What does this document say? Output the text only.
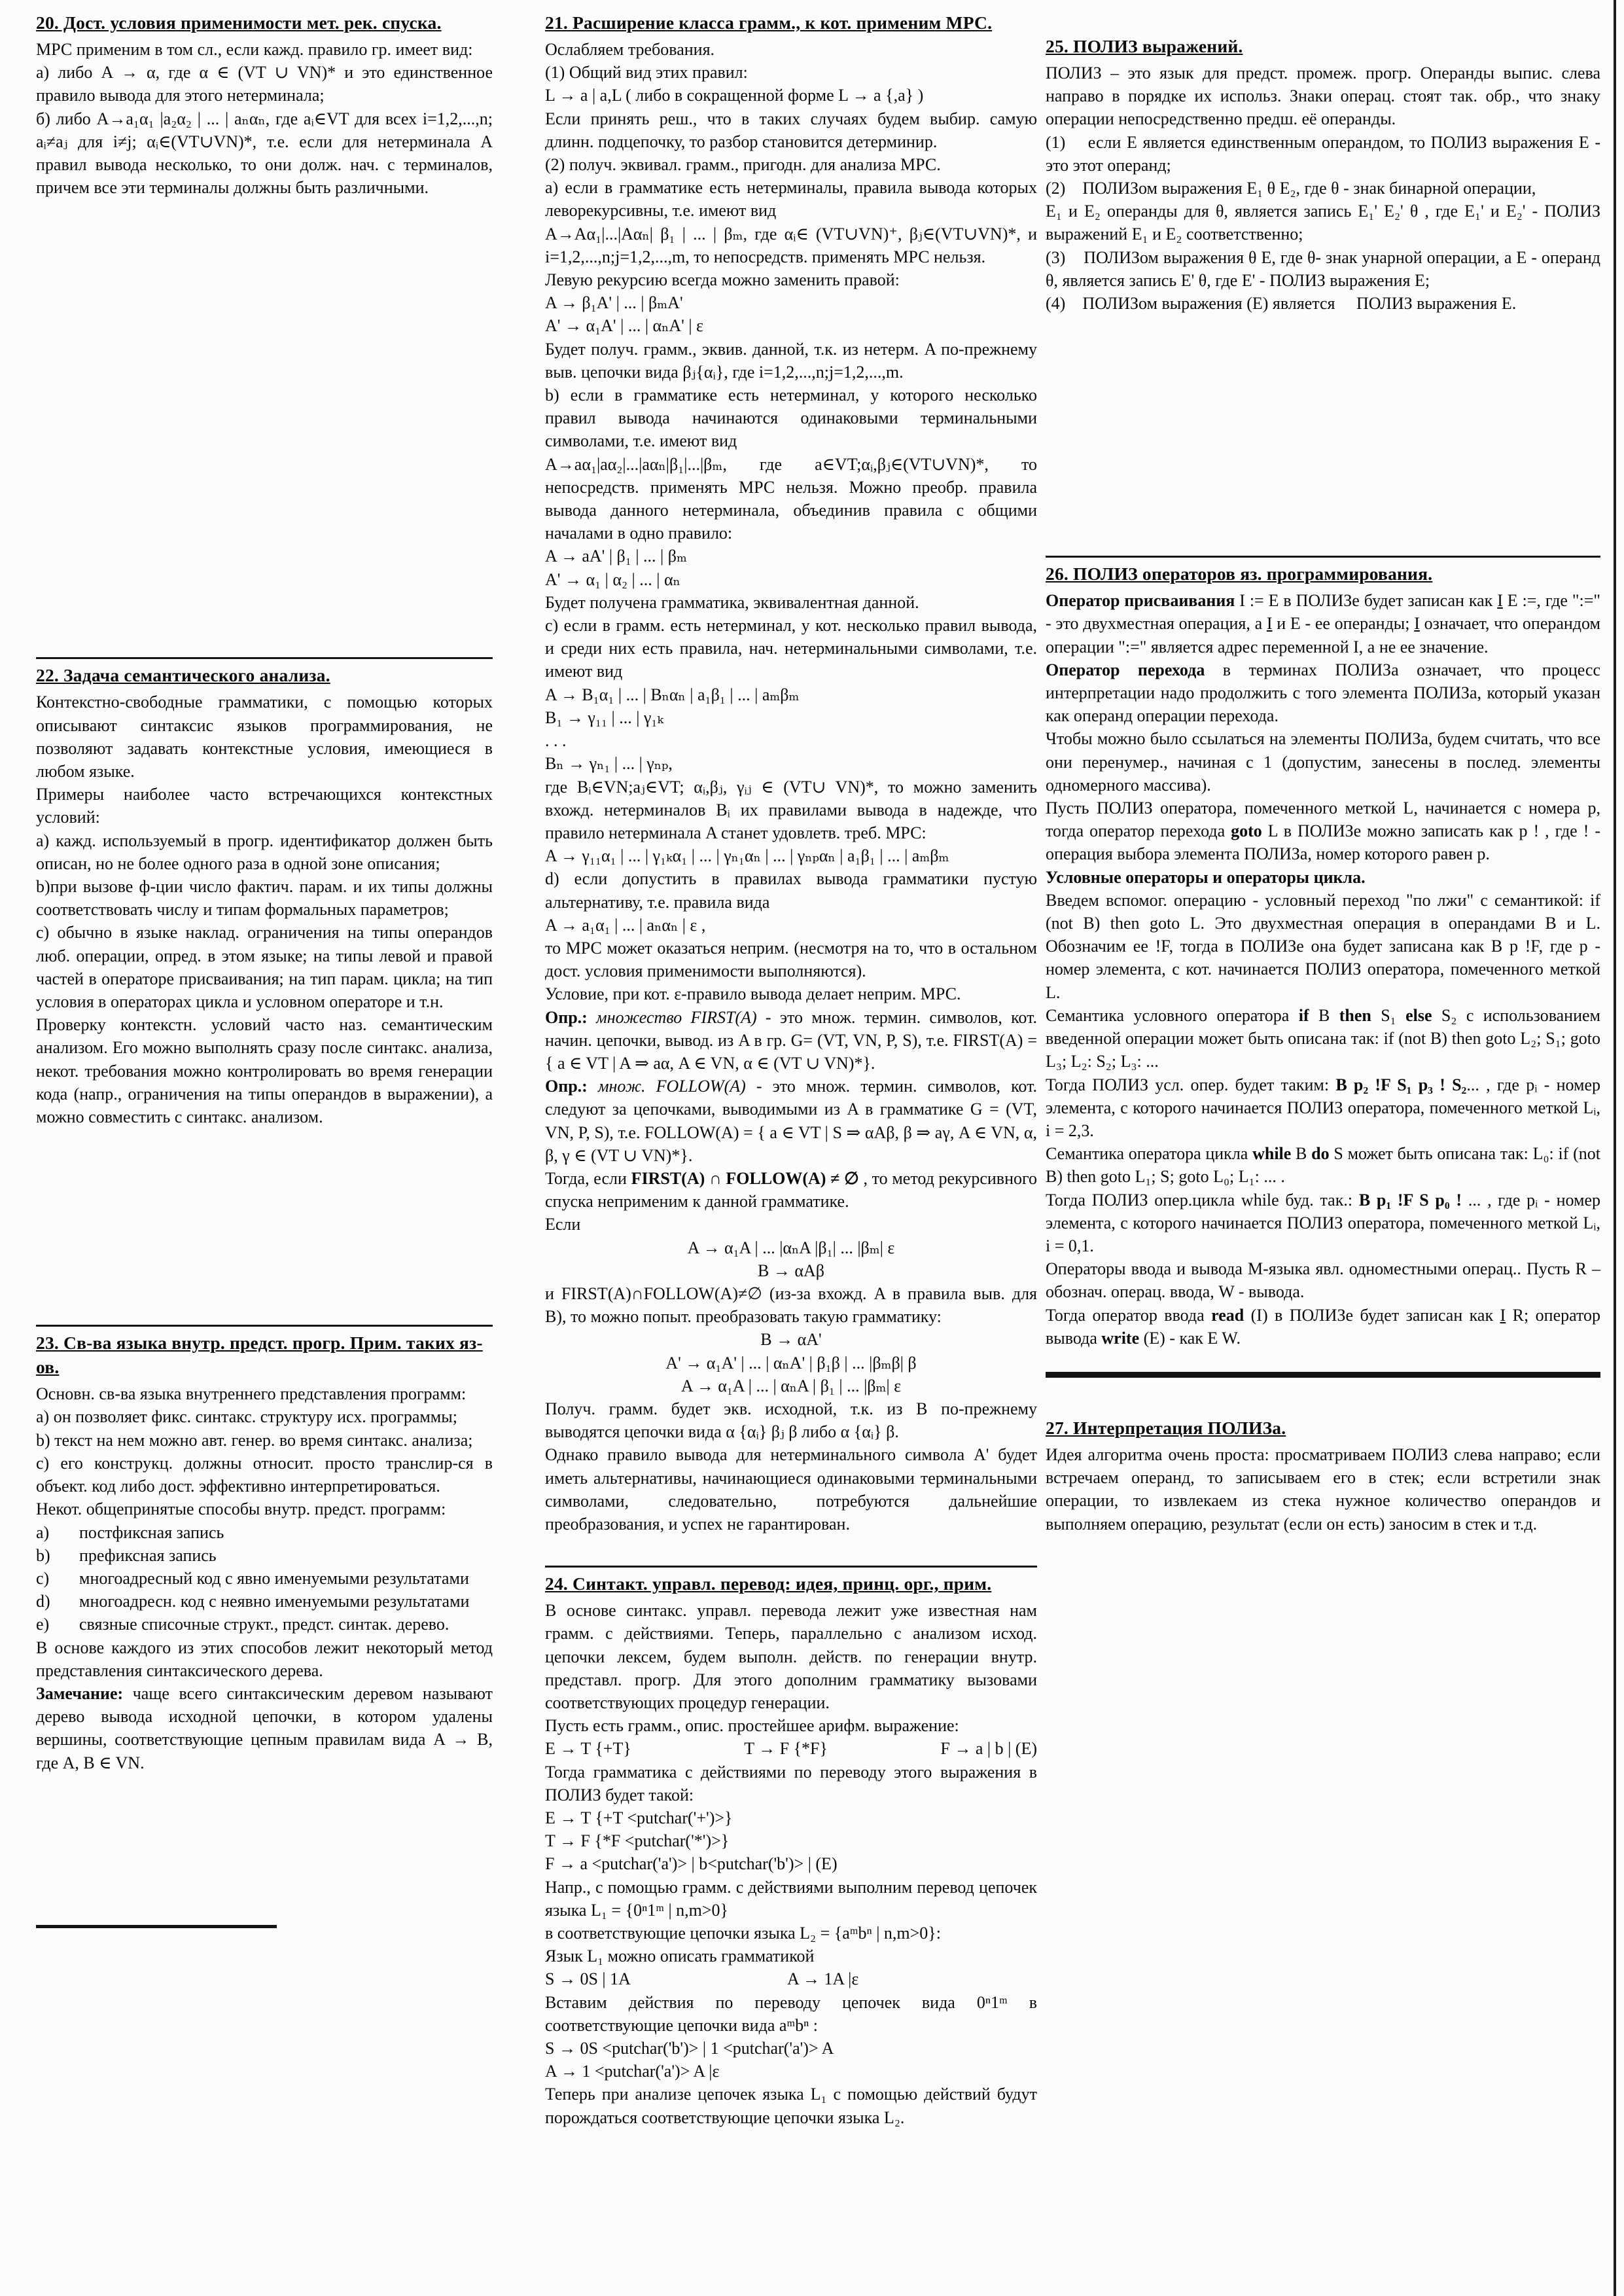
20. Дост. условия применимости мет. рек. спуска.

МРС применим в том сл., если кажд. правило гр. имеет вид:

а) либо A → α, где α ∈ (VT ∪ VN)* и это единственное правило вывода для этого нетерминала;

б) либо A→a₁α₁ |a₂α₂ | ... | aₙαₙ, где aᵢ∈VT для всех i=1,2,...,n; aᵢ≠aⱼ для i≠j; αᵢ∈(VT∪VN)*, т.е. если для нетерминала A правил вывода несколько, то они долж. нач. с терминалов, причем все эти терминалы должны быть различными.

22. Задача семантического анализа.

Контекстно-свободные грамматики, с помощью которых описывают синтаксис языков программирования, не позволяют задавать контекстные условия, имеющиеся в любом языке.

Примеры наиболее часто встречающихся контекстных условий:

а) кажд. используемый в прогр. идентификатор должен быть описан, но не более одного раза в одной зоне описания;

b)при вызове ф-ции число фактич. парам. и их типы должны соответствовать числу и типам формальных параметров;

с) обычно в языке наклад. ограничения на типы операндов люб. операции, опред. в этом языке; на типы левой и правой частей в операторе присваивания; на тип парам. цикла; на тип условия в операторах цикла и условном операторе и т.н.

Проверку контекстн. условий часто наз. семантическим анализом. Его можно выполнять сразу после синтакс. анализа, некот. требования можно контролировать во время генерации кода (напр., ограничения на типы операндов в выражении), а можно совместить с синтакс. анализом.

23. Св-ва языка внутр. предст. прогр. Прим. таких яз-ов.

Основн. св-ва языка внутреннего представления программ:

а) он позволяет фикс. синтакс. структуру исх. программы;

b) текст на нем можно авт. генер. во время синтакс. анализа;

c) его конструкц. должны относит. просто транслир-ся в объект. код либо дост. эффективно интерпретироваться.

Некот. общепринятые способы внутр. предст. программ:

a) постфиксная запись

b) префиксная запись

c) многоадресный код с явно именуемыми результатами

d) многоадресн. код с неявно именуемыми результатами

e) связные списочные структ., предст. синтак. дерево.

В основе каждого из этих способов лежит некоторый метод представления синтаксического дерева.

Замечание: чаще всего синтаксическим деревом называют дерево вывода исходной цепочки, в котором удалены вершины, соответствующие цепным правилам вида A → B, где A, B ∈ VN.

21. Расширение класса грамм., к кот. применим МРС.

Ослабляем требования.

(1) Общий вид этих правил:

L → a | a,L ( либо в сокращенной форме L → a {,a} )

Если принять реш., что в таких случаях будем выбир. самую длинн. подцепочку, то разбор становится детерминир.

(2) получ. эквивал. грамм., пригодн. для анализа МРС.

а) если в грамматике есть нетерминалы, правила вывода которых леворекурсивны, т.е. имеют вид

A→Aα₁|...|Aαₙ| β₁ | ... | βₘ, где αᵢ∈ (VT∪VN)⁺, βⱼ∈(VT∪VN)*, и i=1,2,...,n;j=1,2,...,m, то непосредств. применять МРС нельзя.

Левую рекурсию всегда можно заменить правой:

A → β₁A' | ... | βₘA'

A' → α₁A' | ... | αₙA' | ε

Будет получ. грамм., эквив. данной, т.к. из нетерм. A по-прежнему выв. цепочки вида βⱼ{αᵢ}, где i=1,2,...,n;j=1,2,...,m.

b) если в грамматике есть нетерминал, у которого несколько правил вывода начинаются одинаковыми терминальными символами, т.е. имеют вид

A→aα₁|aα₂|...|aαₙ|β₁|...|βₘ, где a∈VT;αᵢ,βⱼ∈(VT∪VN)*, то непосредств. применять МРС нельзя. Можно преобр. правила вывода данного нетерминала, объединив правила с общими началами в одно правило:

A → aA' | β₁ | ... | βₘ

A' → α₁ | α₂ | ... | αₙ

Будет получена грамматика, эквивалентная данной.

c) если в грамм. есть нетерминал, у кот. несколько правил вывода, и среди них есть правила, нач. нетерминальными символами, т.е. имеют вид

A → B₁α₁ | ... | Bₙαₙ | a₁β₁ | ... | aₘβₘ

B₁ → γ₁₁ | ... | γ₁ₖ

. . .

Bₙ → γₙ₁ | ... | γₙₚ,

где Bᵢ∈VN;aⱼ∈VT; αᵢ,βⱼ, γᵢⱼ ∈ (VT∪ VN)*, то можно заменить вхожд. нетерминалов Bᵢ их правилами вывода в надежде, что правило нетерминала A станет удовлетв. треб. МРС:

A → γ₁₁α₁ | ... | γ₁ₖα₁ | ... | γₙ₁αₙ | ... | γₙₚαₙ | a₁β₁ | ... | aₘβₘ

d) если допустить в правилах вывода грамматики пустую альтернативу, т.е. правила вида

A → a₁α₁ | ... | aₙαₙ | ε ,

то МРС может оказаться неприм. (несмотря на то, что в остальном дост. условия применимости выполняются).

Условие, при кот. ε-правило вывода делает неприм. МРС.

Опр.: множество FIRST(A) - это множ. термин. символов, кот. начин. цепочки, вывод. из A в гр. G= (VT, VN, P, S), т.е. FIRST(A) = { a ∈ VT | A ⇒ aα, A ∈ VN, α ∈ (VT ∪ VN)*}.

Опр.: множ. FOLLOW(A) - это множ. термин. символов, кот. следуют за цепочками, выводимыми из A в грамматике G = (VT, VN, P, S), т.е. FOLLOW(A) = { a ∈ VT | S ⇒ αAβ, β ⇒ aγ, A ∈ VN, α, β, γ ∈ (VT ∪ VN)*}.

Тогда, если FIRST(A) ∩ FOLLOW(A) ≠ ∅ , то метод рекурсивного спуска неприменим к данной грамматике.

Если

A → α₁A | ... |αₙA |β₁| ... |βₘ| ε

B → αAβ

и FIRST(A)∩FOLLOW(A)≠∅ (из-за вхожд. A в правила выв. для B), то можно попыт. преобразовать такую грамматику:

B → αA'

A' → α₁A' | ... | αₙA' | β₁β | ... |βₘβ| β

A → α₁A | ... | αₙA | β₁ | ... |βₘ| ε

Получ. грамм. будет экв. исходной, т.к. из B по-прежнему выводятся цепочки вида α {αᵢ} βⱼ β либо α {αᵢ} β.

Однако правило вывода для нетерминального символа A' будет иметь альтернативы, начинающиеся одинаковыми терминальными символами, следовательно, потребуются дальнейшие преобразования, и успех не гарантирован.

24. Синтакт. управл. перевод: идея, принц. орг., прим.

В основе синтакс. управл. перевода лежит уже известная нам грамм. с действиями. Теперь, параллельно с анализом исход. цепочки лексем, будем выполн. действ. по генерации внутр. представл. прогр. Для этого дополним грамматику вызовами соответствующих процедур генерации.

Пусть есть грамм., опис. простейшее арифм. выражение:

E → T {+T}	T → F {*F}	F → a | b | (E)

Тогда грамматика с действиями по переводу этого выражения в ПОЛИЗ будет такой:

E → T {+T <putchar('+')>}

T → F {*F <putchar('*')>}

F → a <putchar('a')> | b<putchar('b')> | (E)

Напр., с помощью грамм. с действиями выполним перевод цепочек языка L₁ = {0ⁿ1ᵐ | n,m>0}

в соответствующие цепочки языка L₂ = {aᵐbⁿ | n,m>0}:

Язык L₁ можно описать грамматикой

S → 0S | 1A	A → 1A |ε

Вставим действия по переводу цепочек вида 0ⁿ1ᵐ в соответствующие цепочки вида aᵐbⁿ :

S → 0S <putchar('b')> | 1 <putchar('a')> A

A → 1 <putchar('a')> A |ε

Теперь при анализе цепочек языка L₁ с помощью действий будут порождаться соответствующие цепочки языка L₂.

25. ПОЛИЗ выражений.

ПОЛИЗ – это язык для предст. промеж. прогр. Операнды выпис. слева направо в порядке их использ. Знаки операц. стоят так. обр., что знаку операции непосредственно предш. её операнды.

(1)    если E является единственным операндом, то ПОЛИЗ выражения E - это этот операнд;

(2)    ПОЛИЗом выражения E₁ θ E₂, где θ - знак бинарной операции,

E₁ и E₂ операнды для θ, является запись E₁' E₂' θ , где E₁' и E₂' - ПОЛИЗ выражений E₁ и E₂ соответственно;

(3)    ПОЛИЗом выражения θ E, где θ- знак унарной операции, а E - операнд θ, является запись E' θ, где E' - ПОЛИЗ выражения E;

(4)    ПОЛИЗом выражения (E) является     ПОЛИЗ выражения E.

26. ПОЛИЗ операторов яз. программирования.

Оператор присваивания I := E в ПОЛИЗе будет записан как I E :=, где ":=" - это двухместная операция, а I и E - ее операнды; I означает, что операндом операции ":=" является адрес переменной I, а не ее значение.

Оператор перехода в терминах ПОЛИЗа означает, что процесс интерпретации надо продолжить с того элемента ПОЛИЗа, который указан как операнд операции перехода.

Чтобы можно было ссылаться на элементы ПОЛИЗа, будем считать, что все они перенумер., начиная с 1 (допустим, занесены в послед. элементы одномерного массива).

Пусть ПОЛИЗ оператора, помеченного меткой L, начинается с номера p, тогда оператор перехода goto L в ПОЛИЗе можно записать как p ! , где ! - операция выбора элемента ПОЛИЗа, номер которого равен p.

Условные операторы и операторы цикла.

Введем вспомог. операцию - условный переход "по лжи" с семантикой: if (not B) then goto L. Это двухместная операция в операндами B и L. Обозначим ее !F, тогда в ПОЛИЗе она будет записана как B p !F, где p - номер элемента, с кот. начинается ПОЛИЗ оператора, помеченного меткой L.

Семантика условного оператора if B then S₁ else S₂ с использованием введенной операции может быть описана так: if (not B) then goto L₂; S₁; goto L₃; L₂: S₂; L₃: ...

Тогда ПОЛИЗ усл. опер. будет таким: B p₂ !F S₁ p₃ ! S₂... , где pᵢ - номер элемента, с которого начинается ПОЛИЗ оператора, помеченного меткой Lᵢ, i = 2,3.

Семантика оператора цикла while B do S может быть описана так: L₀: if (not B) then goto L₁; S; goto L₀; L₁: ... .

Тогда ПОЛИЗ опер.цикла while буд. так.: B p₁ !F S p₀ ! ... , где pᵢ - номер элемента, с которого начинается ПОЛИЗ оператора, помеченного меткой Lᵢ, i = 0,1.

Операторы ввода и вывода М-языка явл. одноместными операц.. Пусть R – обознач. операц. ввода, W - вывода.

Тогда оператор ввода read (I) в ПОЛИЗе будет записан как I R; оператор вывода write (E) - как E W.

27. Интерпретация ПОЛИЗа.

Идея алгоритма очень проста: просматриваем ПОЛИЗ слева направо; если встречаем операнд, то записываем его в стек; если встретили знак операции, то извлекаем из стека нужное количество операндов и выполняем операцию, результат (если он есть) заносим в стек и т.д.
